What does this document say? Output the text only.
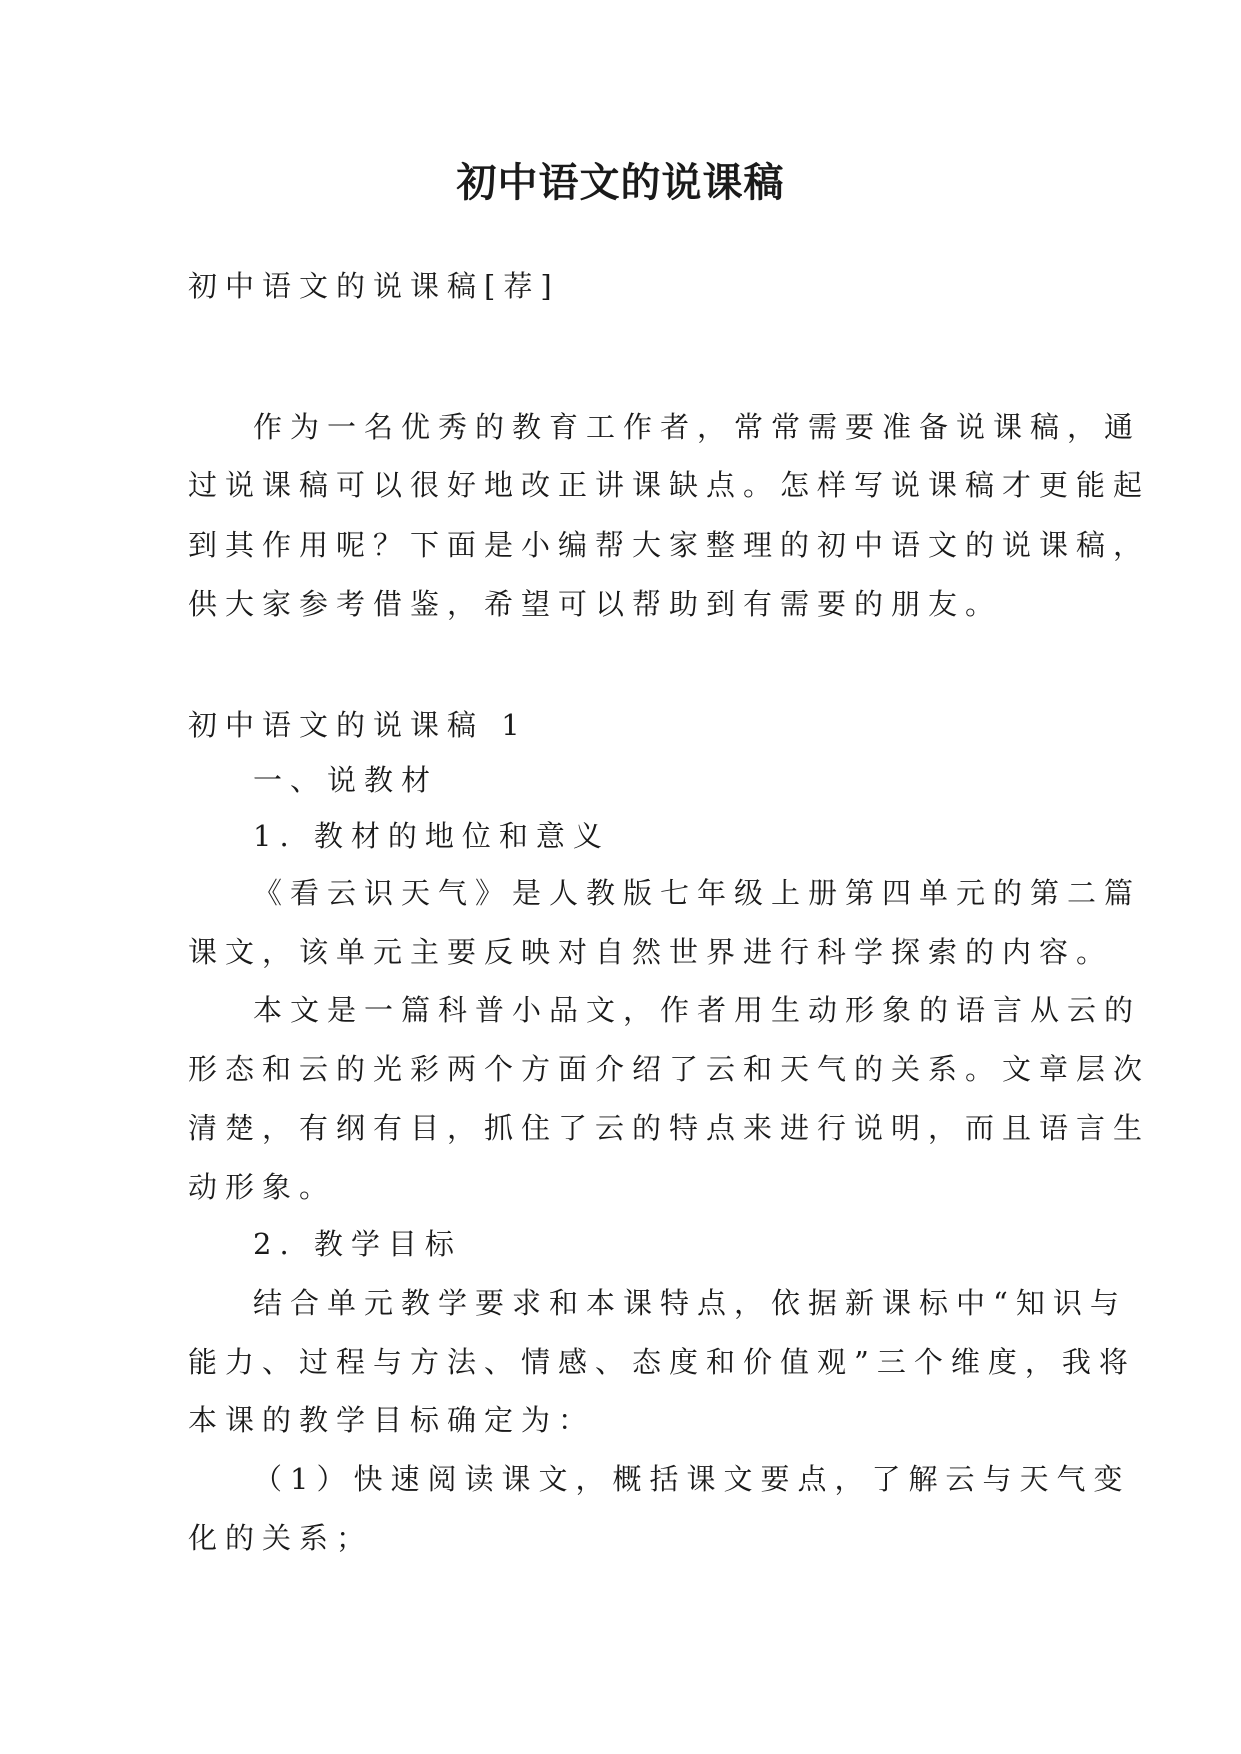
初中语文的说课稿
初中语文的说课稿[荐]
作为一名优秀的教育工作者，常常需要准备说课稿，通
过说课稿可以很好地改正讲课缺点。怎样写说课稿才更能起
到其作用呢？下面是小编帮大家整理的初中语文的说课稿，
供大家参考借鉴，希望可以帮助到有需要的朋友。
初中语文的说课稿 1
一、说教材
1. 教材的地位和意义
《看云识天气》是人教版七年级上册第四单元的第二篇
课文，该单元主要反映对自然世界进行科学探索的内容。
本文是一篇科普小品文，作者用生动形象的语言从云的
形态和云的光彩两个方面介绍了云和天气的关系。文章层次
清楚，有纲有目，抓住了云的特点来进行说明，而且语言生
动形象。
2. 教学目标
结合单元教学要求和本课特点，依据新课标中“知识与
能力、过程与方法、情感、态度和价值观”三个维度，我将
本课的教学目标确定为：
（1）快速阅读课文，概括课文要点，了解云与天气变
化的关系；
